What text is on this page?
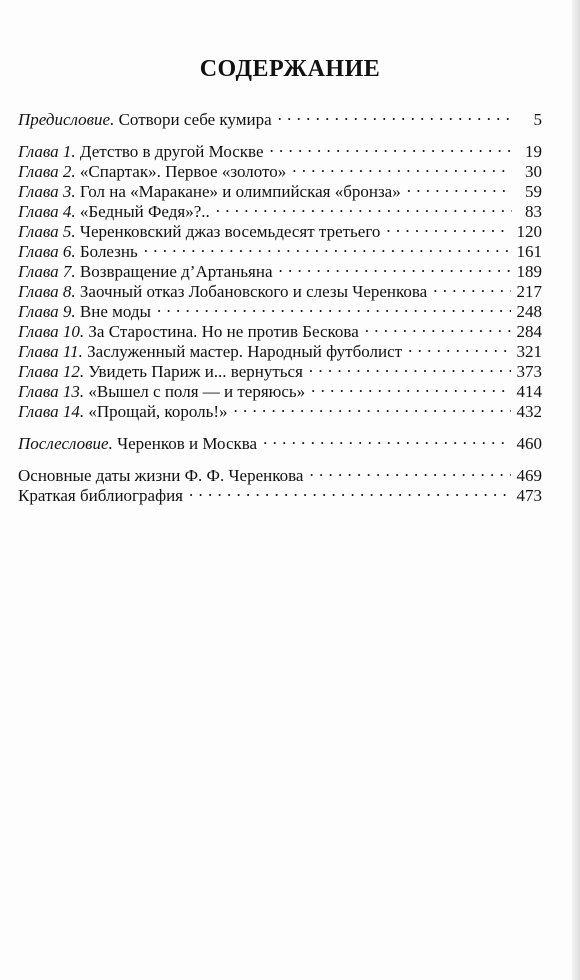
СОДЕРЖАНИЕ
Предисловие. Сотвори себе кумира . . .	5
Глава 1. Детство в другой Москве . . .	19
Глава 2. «Спартак». Первое «золото» . . .	30
Глава 3. Гол на «Маракане» и олимпийская «бронза» . . .	59
Глава 4. «Бедный Федя»?.. . . .	83
Глава 5. Черенковский джаз восемьдесят третьего . . .	120
Глава 6. Болезнь . . .	161
Глава 7. Возвращение д’Артаньяна . . .	189
Глава 8. Заочный отказ Лобановского и слезы Черенкова . . .	217
Глава 9. Вне моды . . .	248
Глава 10. За Старостина. Но не против Бескова . . .	284
Глава 11. Заслуженный мастер. Народный футболист . . .	321
Глава 12. Увидеть Париж и... вернуться . . .	373
Глава 13. «Вышел с поля — и теряюсь» . . .	414
Глава 14. «Прощай, король!» . . .	432
Послесловие. Черенков и Москва . . .	460
Основные даты жизни Ф. Ф. Черенкова . . .	469
Краткая библиография . . .	473
